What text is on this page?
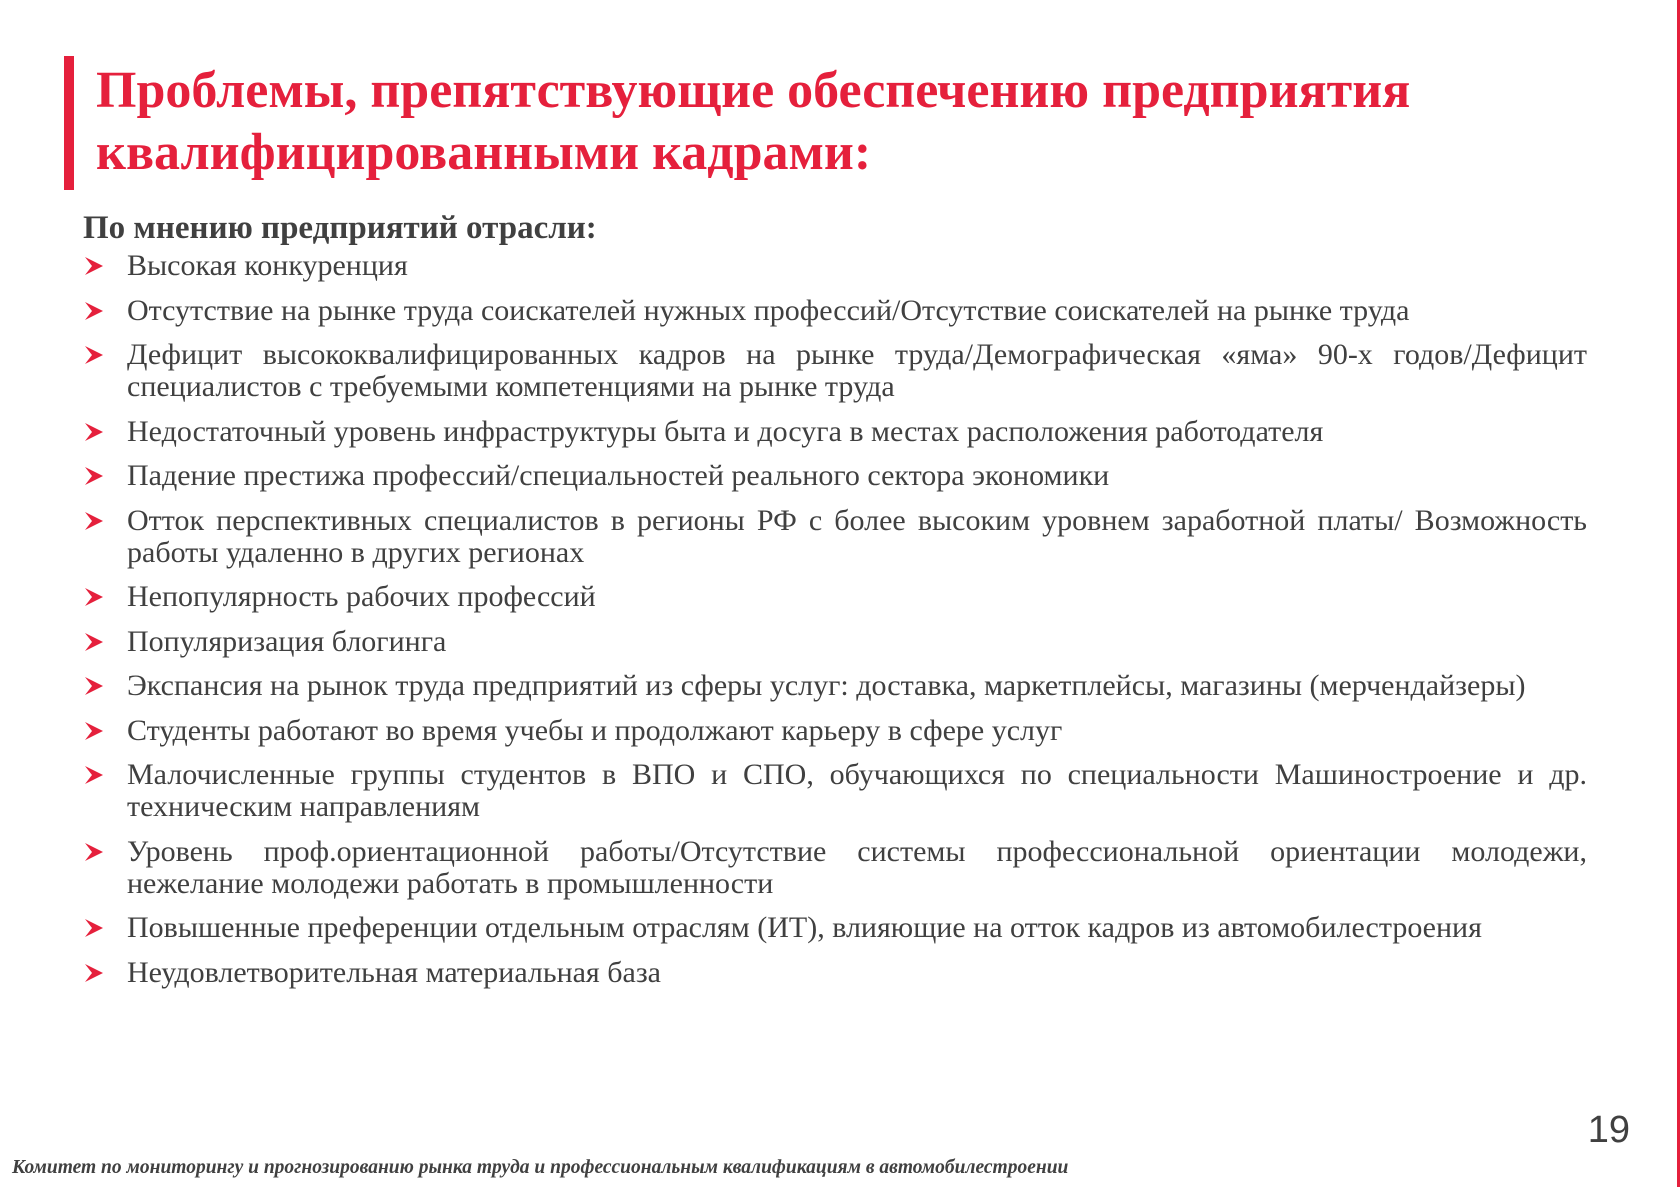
Проблемы, препятствующие обеспечению предприятия
квалифицированными кадрами:
По мнению предприятий отрасли:
Высокая конкуренция
Отсутствие на рынке труда соискателей нужных профессий/Отсутствие соискателей на рынке труда
Дефицит высококвалифицированных кадров на рынке труда/Демографическая «яма» 90-х годов/Дефицит специалистов с требуемыми компетенциями на рынке труда
Недостаточный уровень инфраструктуры быта и досуга в местах расположения работодателя
Падение престижа профессий/специальностей реального сектора экономики
Отток перспективных специалистов в регионы РФ с более высоким уровнем заработной платы/ Возможность работы удаленно в других регионах
Непопулярность рабочих профессий
Популяризация блогинга
Экспансия на рынок труда предприятий из сферы услуг: доставка, маркетплейсы, магазины (мерчендайзеры)
Студенты работают во время учебы и продолжают карьеру в сфере услуг
Малочисленные группы студентов в ВПО и СПО, обучающихся по специальности Машиностроение и др. техническим направлениям
Уровень проф.ориентационной работы/Отсутствие системы профессиональной ориентации молодежи, нежелание молодежи работать в промышленности
Повышенные преференции отдельным отраслям (ИТ), влияющие на отток кадров из автомобилестроения
Неудовлетворительная материальная база
19
Комитет по мониторингу и прогнозированию рынка труда и профессиональным квалификациям в автомобилестроении
